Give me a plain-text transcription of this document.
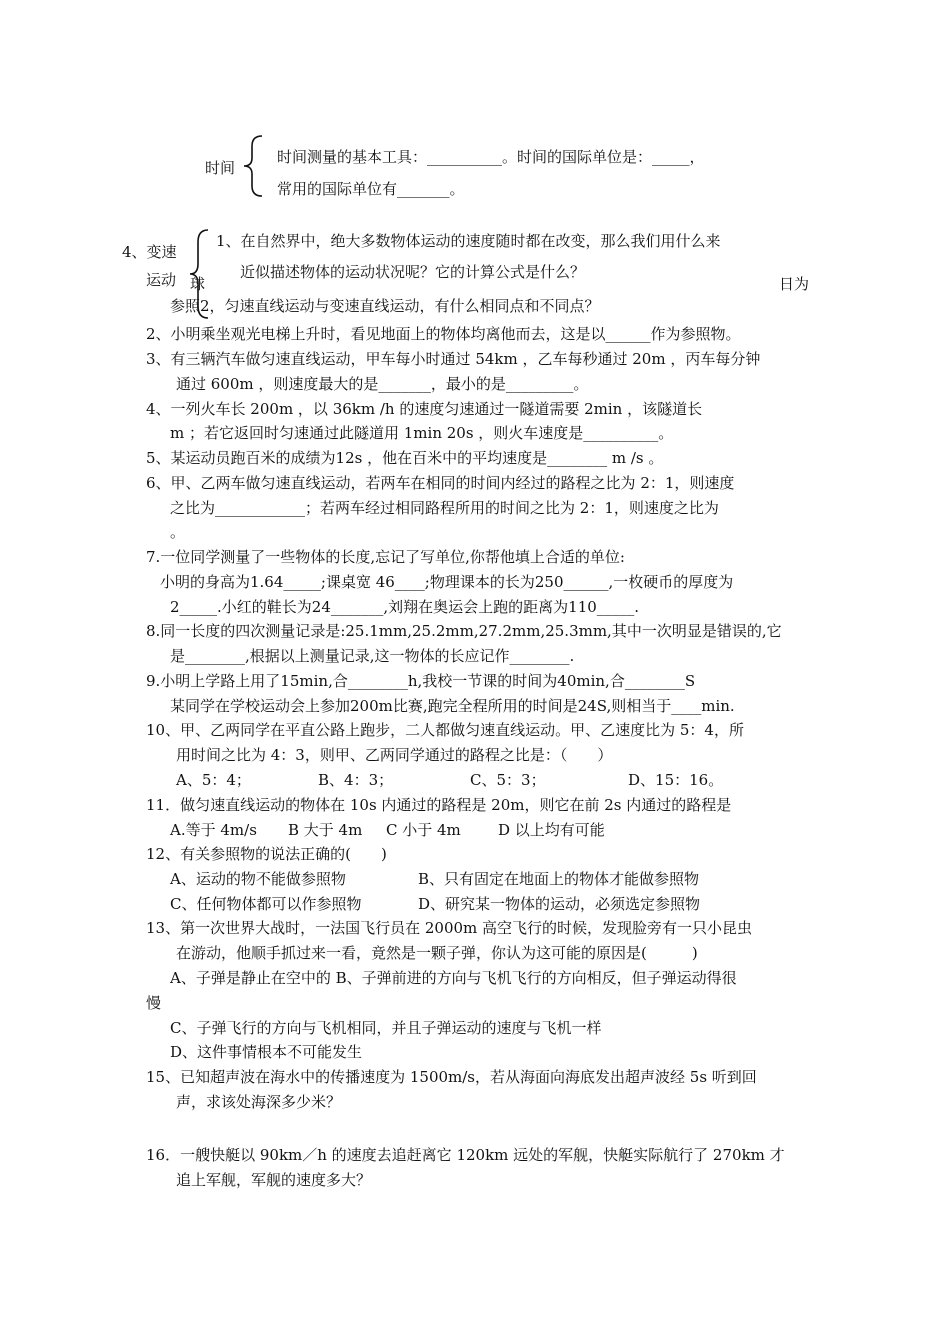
时间
时间测量的基本工具：__________。时间的国际单位是：_____，
常用的国际单位有_______。
4、变速
运动 球
1、在自然界中，绝大多数物体运动的速度随时都在改变，那么我们用什么来
近似描述物体的运动状况呢？它的计算公式是什么？
日为
参照2，匀速直线运动与变速直线运动，有什么相同点和不同点？
2、小明乘坐观光电梯上升时，看见地面上的物体均离他而去，这是以______作为参照物。
3、有三辆汽车做匀速直线运动，甲车每小时通过 54km ，乙车每秒通过 20m ，丙车每分钟
通过 600m ，则速度最大的是_______，最小的是_________。
4、一列火车长 200m ，以 36km /h 的速度匀速通过一隧道需要 2min ，该隧道长
m ；若它返回时匀速通过此隧道用 1min 20s ，则火车速度是__________。
5、某运动员跑百米的成绩为12s ，他在百米中的平均速度是________ m /s 。
6、甲、乙两车做匀速直线运动，若两车在相同的时间内经过的路程之比为 2：1，则速度
之比为____________；若两车经过相同路程所用的时间之比为 2：1，则速度之比为
。
7.一位同学测量了一些物体的长度,忘记了写单位,你帮他填上合适的单位:
小明的身高为1.64_____;课桌宽 46____;物理课本的长为250______,一枚硬币的厚度为
2_____.小红的鞋长为24_______,刘翔在奥运会上跑的距离为110_____.
8.同一长度的四次测量记录是:25.1mm,25.2mm,27.2mm,25.3mm,其中一次明显是错误的,它
是________,根据以上测量记录,这一物体的长应记作________.
9.小明上学路上用了15min,合________h,我校一节课的时间为40min,合________S
某同学在学校运动会上参加200m比赛,跑完全程所用的时间是24S,则相当于____min.
10、甲、乙两同学在平直公路上跑步，二人都做匀速直线运动。甲、乙速度比为 5：4，所
用时间之比为 4：3，则甲、乙两同学通过的路程之比是：（　　）
A、5：4；	B、4：3；	C、5：3；	D、15：16。
11．做匀速直线运动的物体在 10s 内通过的路程是 20m，则它在前 2s 内通过的路程是
A.等于 4m/s B 大于 4m C 小于 4m D 以上均有可能
12、有关参照物的说法正确的(　　)
A、运动的物不能做参照物	B、只有固定在地面上的物体才能做参照物
C、任何物体都可以作参照物	D、研究某一物体的运动，必须选定参照物
13、第一次世界大战时，一法国飞行员在 2000m 高空飞行的时候，发现脸旁有一只小昆虫
在游动，他顺手抓过来一看，竟然是一颗子弹，你认为这可能的原因是(　　　)
A、子弹是静止在空中的 B、子弹前进的方向与飞机飞行的方向相反，但子弹运动得很
慢
C、子弹飞行的方向与飞机相同，并且子弹运动的速度与飞机一样
D、这件事情根本不可能发生
15、已知超声波在海水中的传播速度为 1500m/s，若从海面向海底发出超声波经 5s 听到回
声，求该处海深多少米？
16．一艘快艇以 90km／h 的速度去追赶离它 120km 远处的军舰，快艇实际航行了 270km 才
追上军舰，军舰的速度多大？
